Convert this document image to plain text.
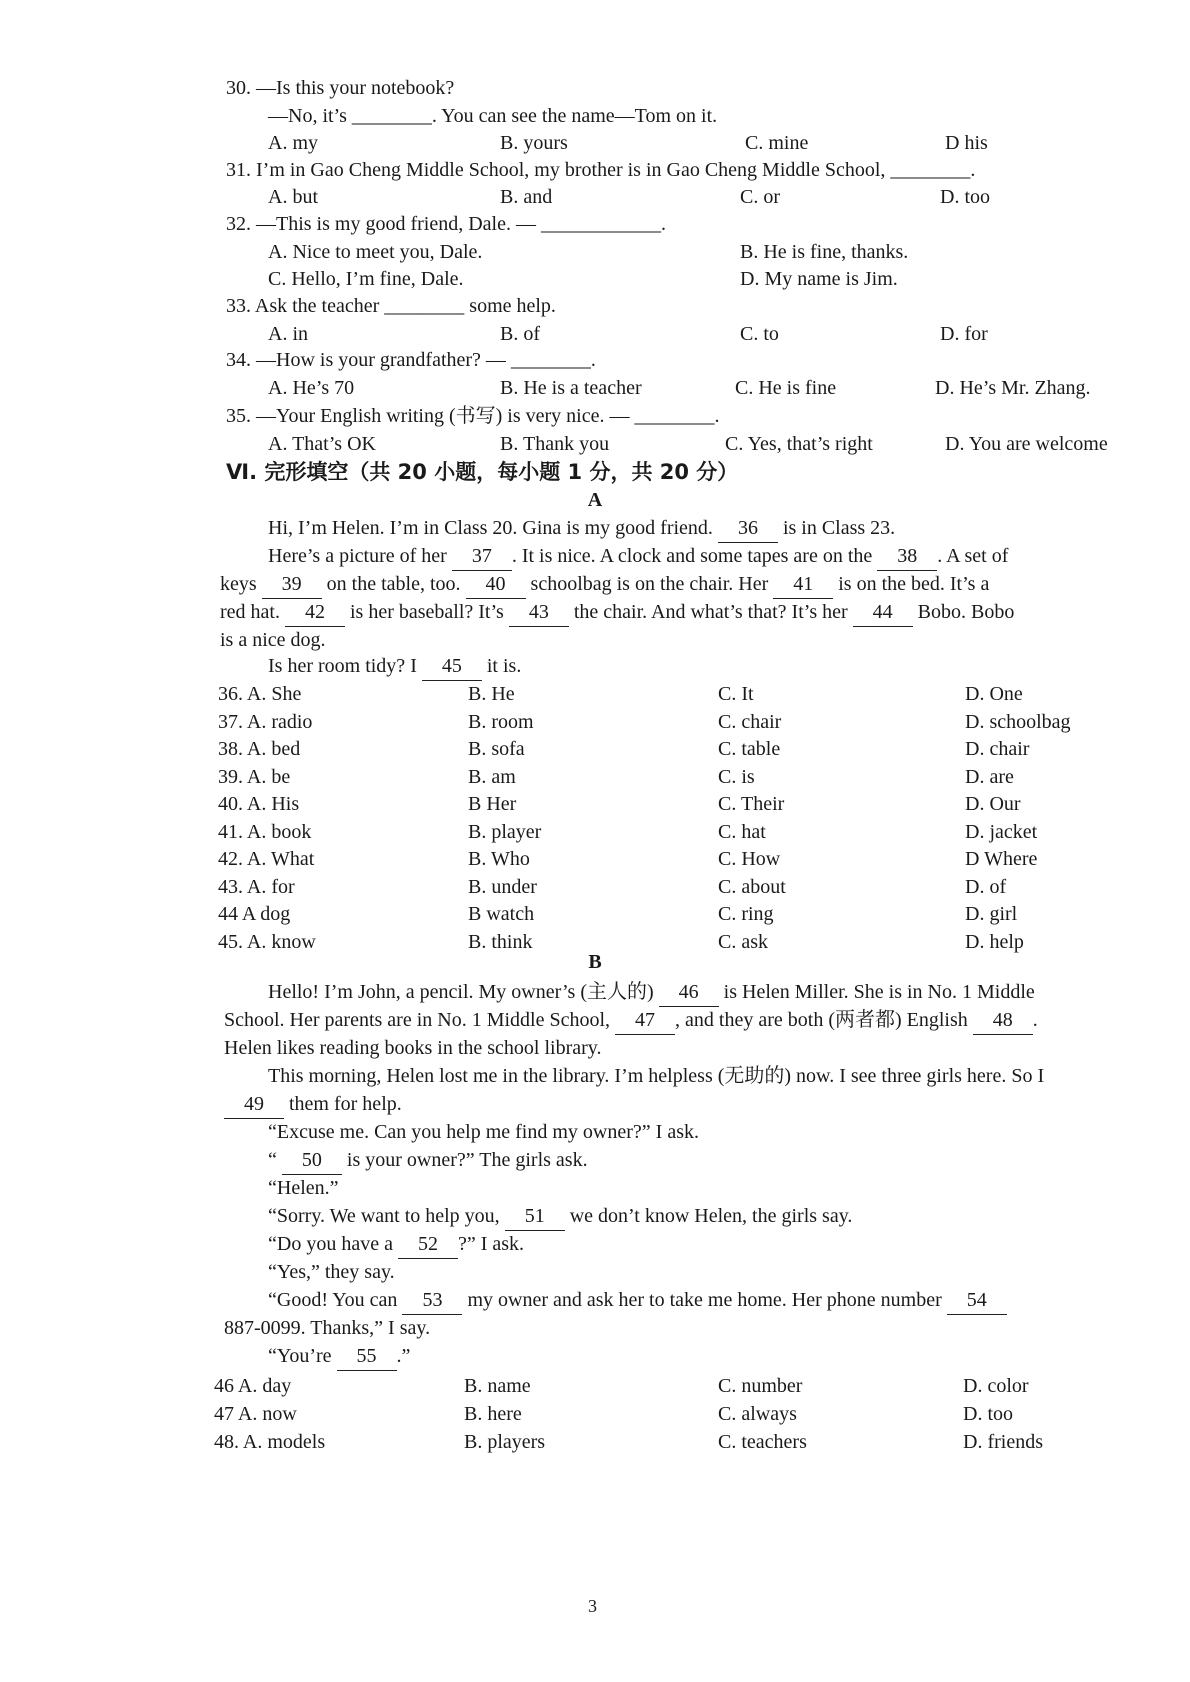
30. —Is this your notebook?
—No, it’s ________. You can see the name—Tom on it.
A. my	B. yours	C. mine	D his
31. I’m in Gao Cheng Middle School, my brother is in Gao Cheng Middle School, ________.
A. but	B. and	C. or	D. too
32. —This is my good friend, Dale. — ____________.
A. Nice to meet you, Dale.	B. He is fine, thanks.
C. Hello, I’m fine, Dale.	D. My name is Jim.
33. Ask the teacher ________ some help.
A. in	B. of	C. to	D. for
34. —How is your grandfather? — ________.
A. He’s 70	B. He is a teacher	C. He is fine	D. He’s Mr. Zhang.
35. —Your English writing (书写) is very nice. — ________.
A. That’s OK	B. Thank you	C. Yes, that’s right	D. You are welcome
Ⅵ. 完形填空（共 20 小题，每小题 1 分，共 20 分）
A
Hi, I’m Helen. I’m in Class 20. Gina is my good friend. 36 is in Class 23.
Here’s a picture of her 37 . It is nice. A clock and some tapes are on the 38 . A set of
keys 39 on the table, too. 40 schoolbag is on the chair. Her 41 is on the bed. It’s a
red hat. 42 is her baseball? It’s 43 the chair. And what’s that? It’s her 44 Bobo. Bobo
is a nice dog.
Is her room tidy? I 45 it is.
36. A. She	B. He	C. It	D. One
37. A. radio	B. room	C. chair	D. schoolbag
38. A. bed	B. sofa	C. table	D. chair
39. A. be	B. am	C. is	D. are
40. A. His	B Her	C. Their	D. Our
41. A. book	B. player	C. hat	D. jacket
42. A. What	B. Who	C. How	D Where
43. A. for	B. under	C. about	D. of
44 A dog	B watch	C. ring	D. girl
45. A. know	B. think	C. ask	D. help
B
Hello! I’m John, a pencil. My owner’s (主人的) 46 is Helen Miller. She is in No. 1 Middle
School. Her parents are in No. 1 Middle School, 47 , and they are both (两者都) English 48 .
Helen likes reading books in the school library.
This morning, Helen lost me in the library. I’m helpless (无助的) now. I see three girls here. So I
49 them for help.
“Excuse me. Can you help me find my owner?” I ask.
“ 50 is your owner?” The girls ask.
“Helen.”
“Sorry. We want to help you, 51 we don’t know Helen, the girls say.
“Do you have a 52 ?” I ask.
“Yes,” they say.
“Good! You can 53 my owner and ask her to take me home. Her phone number 54
887-0099. Thanks,” I say.
“You’re 55 .”
46 A. day	B. name	C. number	D. color
47 A. now	B. here	C. always	D. too
48. A. models	B. players	C. teachers	D. friends
3
